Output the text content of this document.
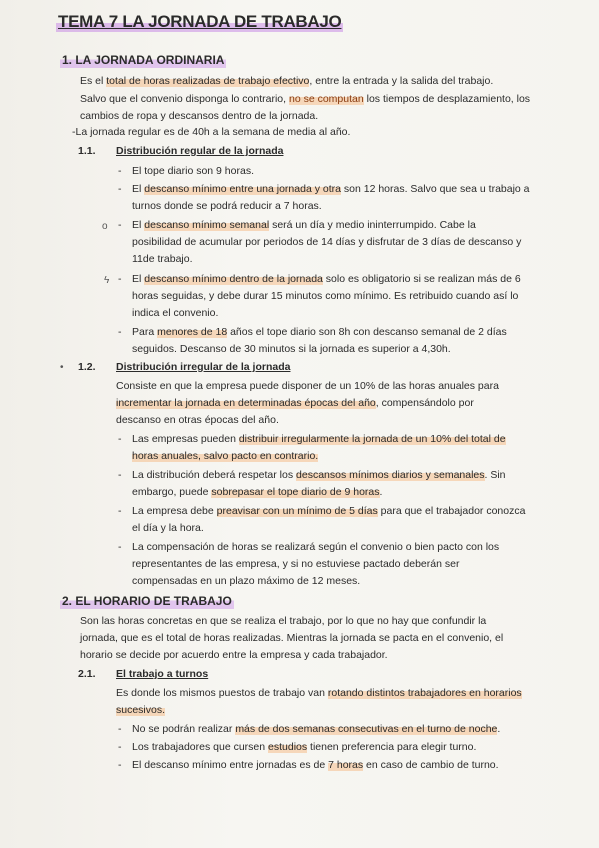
TEMA 7 LA JORNADA DE TRABAJO
1. LA JORNADA ORDINARIA
Es el total de horas realizadas de trabajo efectivo, entre la entrada y la salida del trabajo.
Salvo que el convenio disponga lo contrario, no se computan los tiempos de desplazamiento, los
cambios de ropa y descansos dentro de la jornada.
-La jornada regular es de 40h a la semana de media al año.
1.1. Distribución regular de la jornada
- El tope diario son 9 horas.
- El descanso mínimo entre una jornada y otra son 12 horas. Salvo que sea u trabajo a
turnos donde se podrá reducir a 7 horas.
ο - El descanso mínimo semanal será un día y medio ininterrumpido. Cabe la
posibilidad de acumular por periodos de 14 días y disfrutar de 3 días de descanso y
11de trabajo.
ϟ - El descanso mínimo dentro de la jornada solo es obligatorio si se realizan más de 6
horas seguidas, y debe durar 15 minutos como mínimo. Es retribuido cuando así lo
indica el convenio.
- Para menores de 18 años el tope diario son 8h con descanso semanal de 2 días
seguidos. Descanso de 30 minutos si la jornada es superior a 4,30h.
• 1.2. Distribución irregular de la jornada
Consiste en que la empresa puede disponer de un 10% de las horas anuales para
incrementar la jornada en determinadas épocas del año, compensándolo por
descanso en otras épocas del año.
- Las empresas pueden distribuir irregularmente la jornada de un 10% del total de
horas anuales, salvo pacto en contrario.
- La distribución deberá respetar los descansos mínimos diarios y semanales. Sin
embargo, puede sobrepasar el tope diario de 9 horas.
- La empresa debe preavisar con un mínimo de 5 días para que el trabajador conozca
el día y la hora.
- La compensación de horas se realizará según el convenio o bien pacto con los
representantes de las empresa, y si no estuviese pactado deberán ser
compensadas en un plazo máximo de 12 meses.
2. EL HORARIO DE TRABAJO
Son las horas concretas en que se realiza el trabajo, por lo que no hay que confundir la
jornada, que es el total de horas realizadas. Mientras la jornada se pacta en el convenio, el
horario se decide por acuerdo entre la empresa y cada trabajador.
2.1. El trabajo a turnos
Es donde los mismos puestos de trabajo van rotando distintos trabajadores en horarios
sucesivos.
- No se podrán realizar más de dos semanas consecutivas en el turno de noche.
- Los trabajadores que cursen estudios tienen preferencia para elegir turno.
- El descanso mínimo entre jornadas es de 7 horas en caso de cambio de turno.
